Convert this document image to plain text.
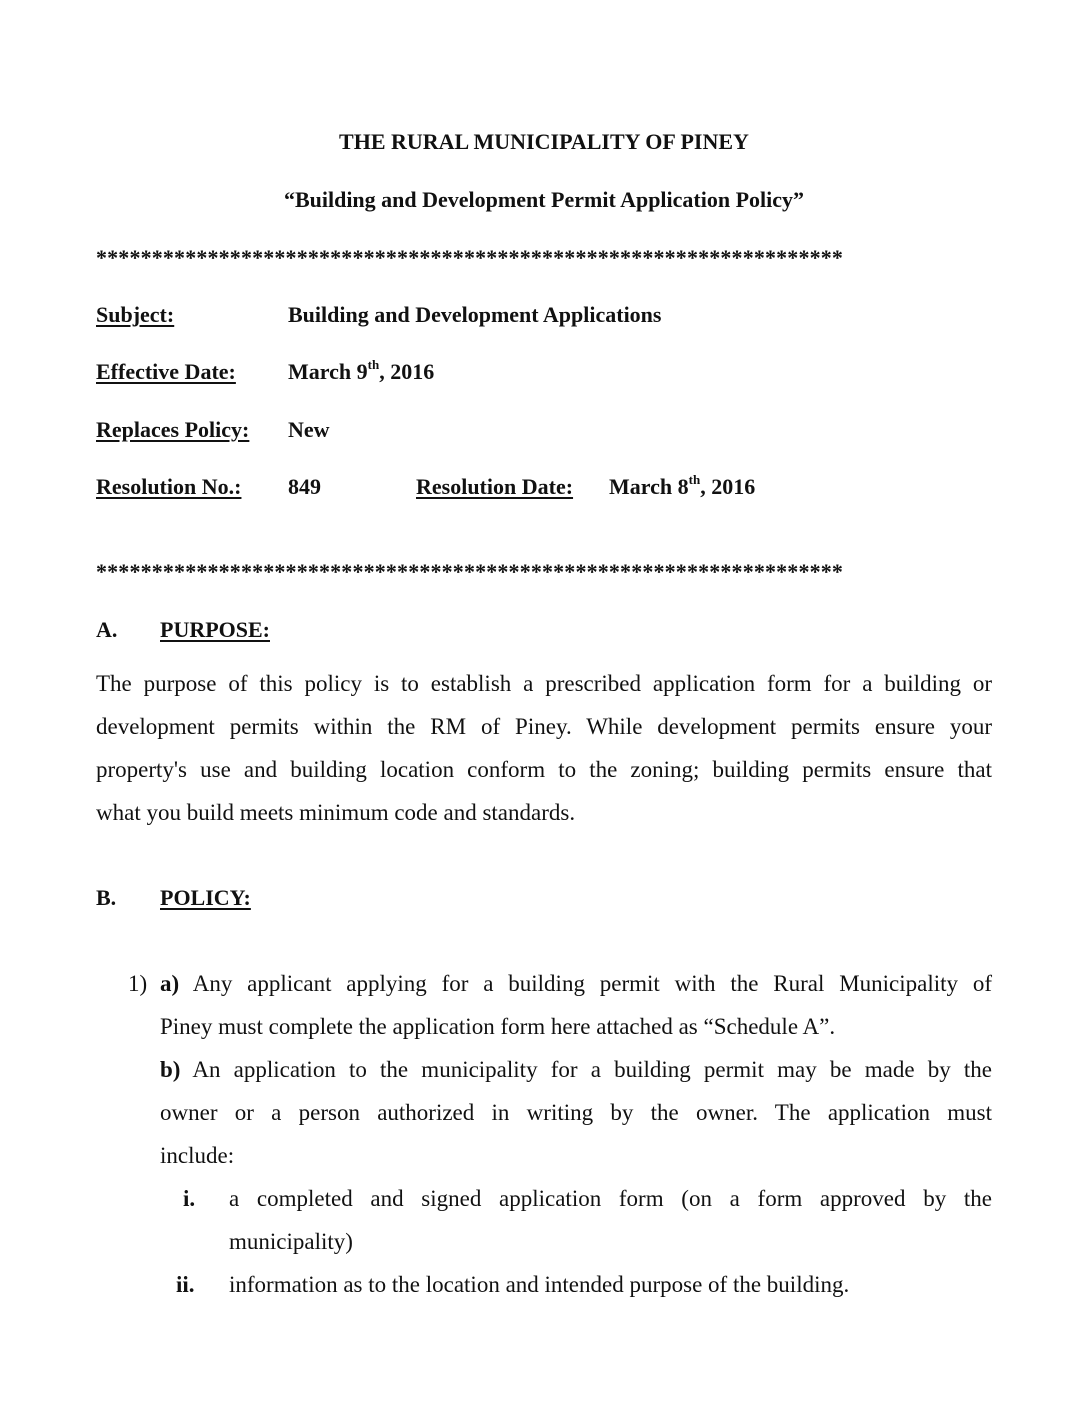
THE RURAL MUNICIPALITY OF PINEY
“Building and Development Permit Application Policy”
*******************************************************************
Subject:	Building and Development Applications
Effective Date: March 9th, 2016
Replaces Policy: New
Resolution No.: 849	Resolution Date: March 8th, 2016
*******************************************************************
A. PURPOSE:
The purpose of this policy is to establish a prescribed application form for a building or
development permits within the RM of Piney. While development permits ensure your
property's use and building location conform to the zoning; building permits ensure that
what you build meets minimum code and standards.
B. POLICY:
1) a) Any applicant applying for a building permit with the Rural Municipality of
Piney must complete the application form here attached as “Schedule A”.
b) An application to the municipality for a building permit may be made by the
owner or a person authorized in writing by the owner. The application must
include:
i. a completed and signed application form (on a form approved by the
municipality)
ii. information as to the location and intended purpose of the building.
